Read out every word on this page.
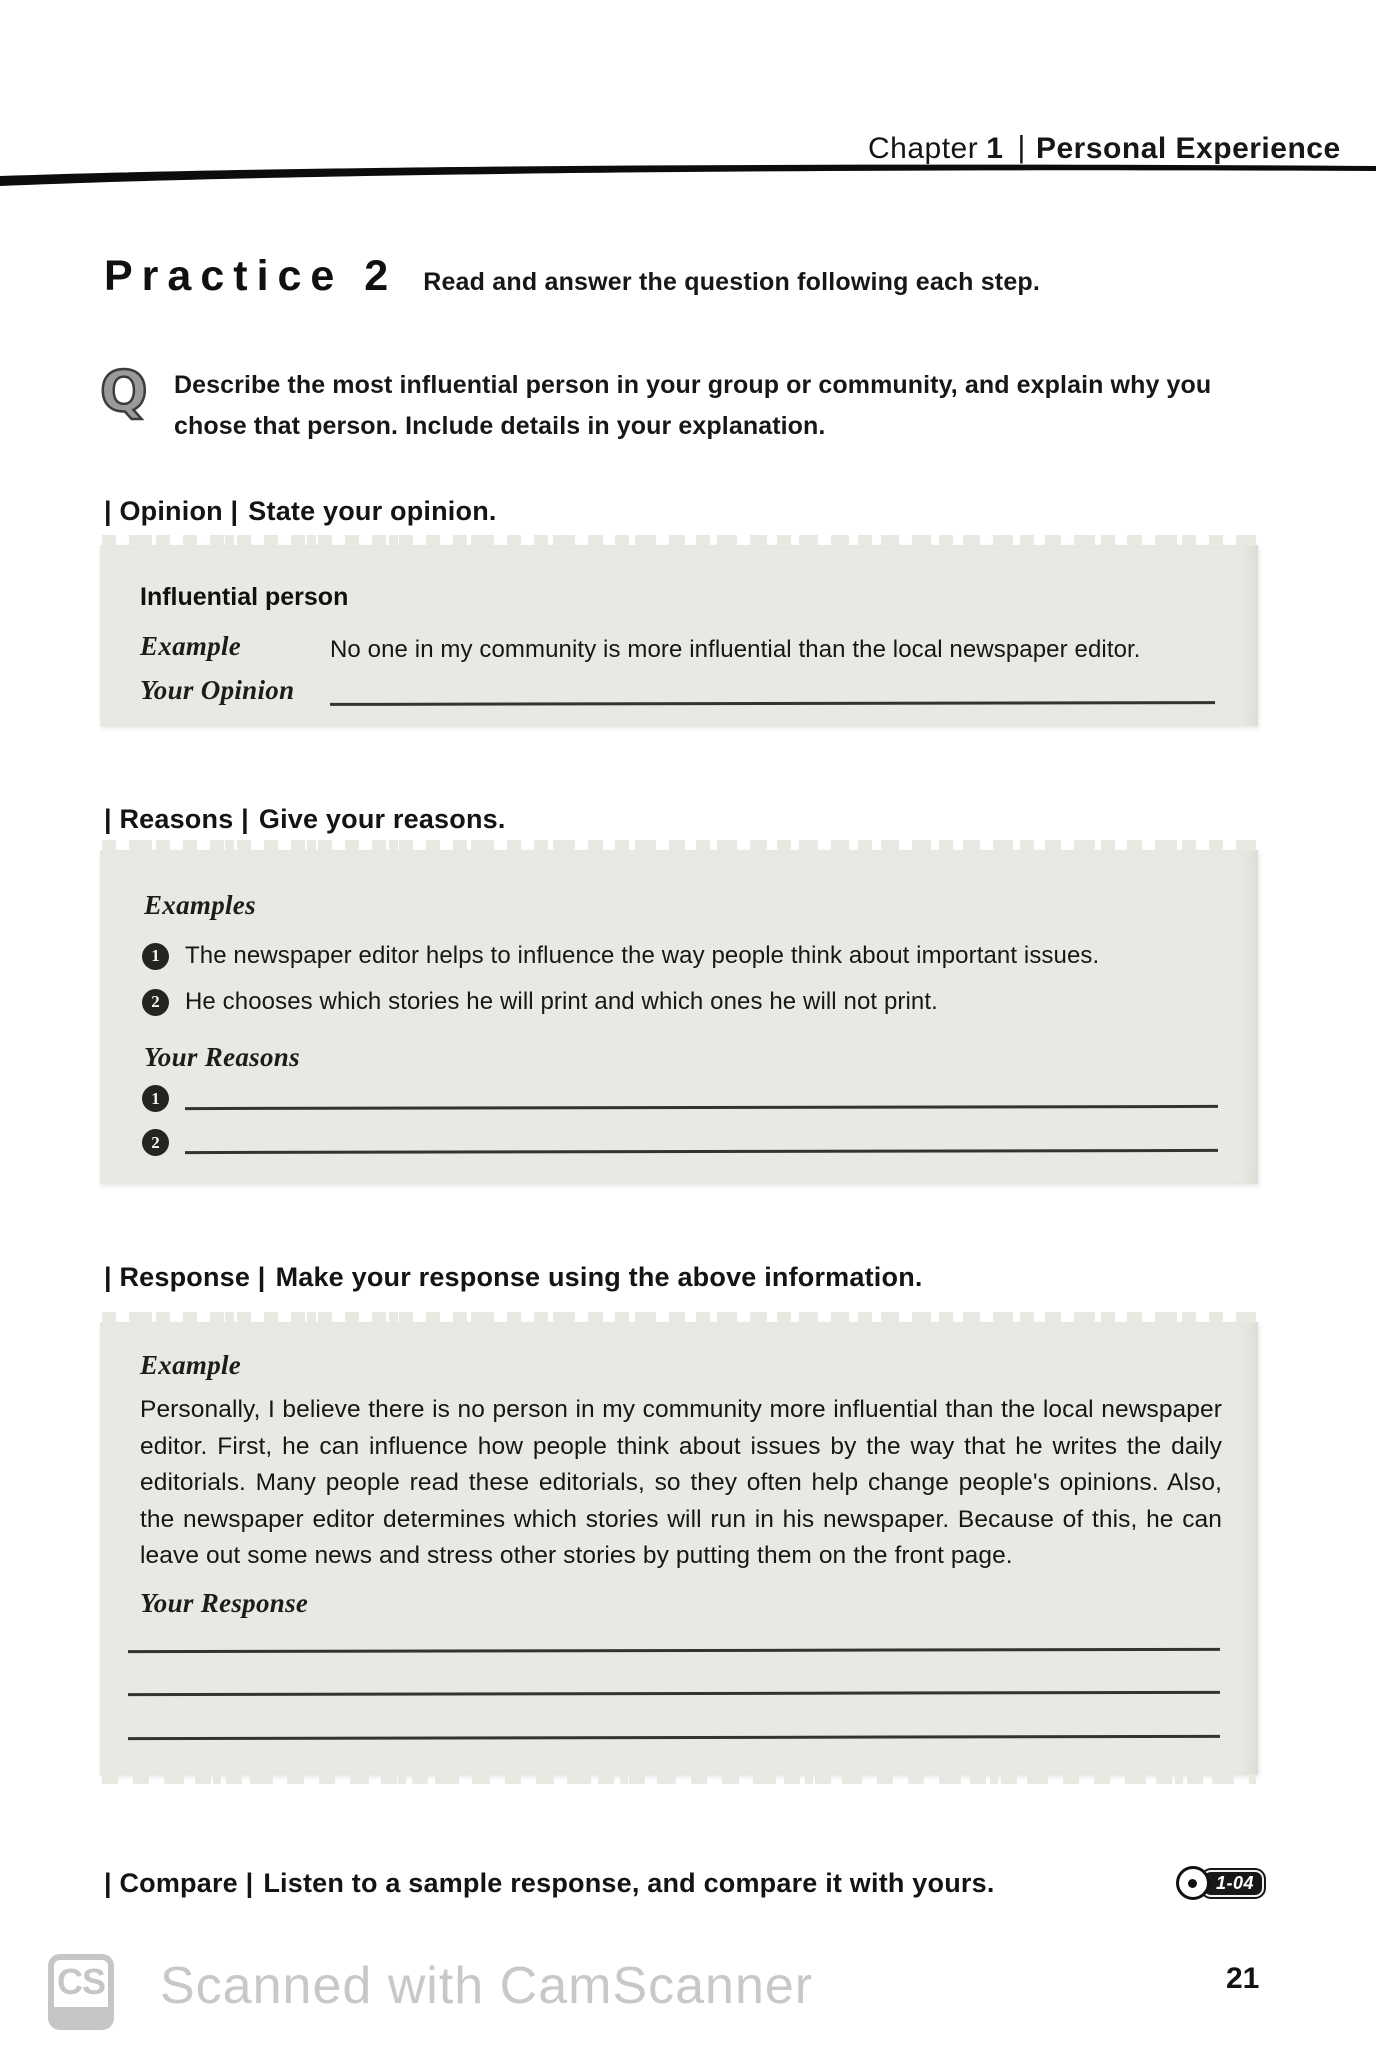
Chapter 1 | Personal Experience
Practice 2 Read and answer the question following each step.
Q	Describe the most influential person in your group or community, and explain why you chose that person. Include details in your explanation.
| Opinion | State your opinion.
Influential person
Example	No one in my community is more influential than the local newspaper editor.
Your Opinion
| Reasons | Give your reasons.
Examples
1	The newspaper editor helps to influence the way people think about important issues.
2	He chooses which stories he will print and which ones he will not print.
Your Reasons
1
2
| Response | Make your response using the above information.
Example
Personally, I believe there is no person in my community more influential than the local newspaper editor. First, he can influence how people think about issues by the way that he writes the daily editorials. Many people read these editorials, so they often help change people's opinions. Also, the newspaper editor determines which stories will run in his newspaper. Because of this, he can leave out some news and stress other stories by putting them on the front page.
Your Response
| Compare | Listen to a sample response, and compare it with yours.	1-04
CS Scanned with CamScanner	21
